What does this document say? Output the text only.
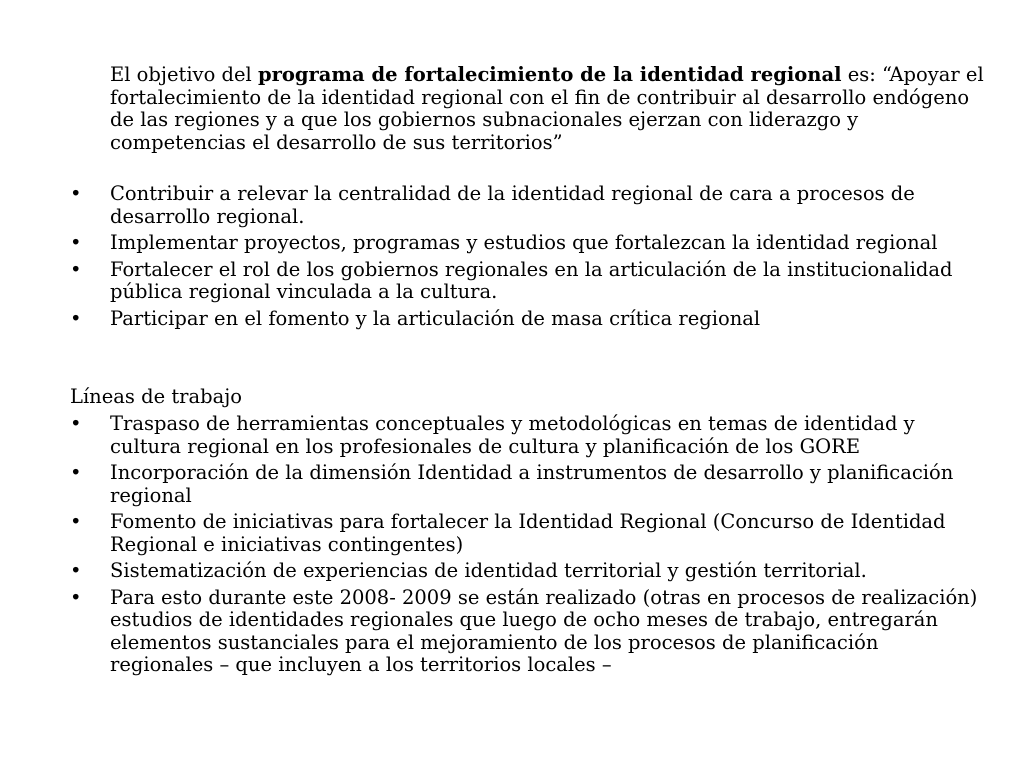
El objetivo del programa de fortalecimiento de la identidad regional es: “Apoyar el fortalecimiento de la identidad regional con el fin de contribuir al desarrollo endógeno de las regiones y a que los gobiernos subnacionales ejerzan con liderazgo y competencias el desarrollo de sus territorios”

•	Contribuir a relevar la centralidad de la identidad regional de cara a procesos de desarrollo regional.
•	Implementar proyectos, programas y estudios que fortalezcan la identidad regional
•	Fortalecer el rol de los gobiernos regionales en la articulación de la institucionalidad pública regional vinculada a la cultura.
•	Participar en el fomento y la articulación de masa crítica regional
Líneas de trabajo
•	Traspaso de herramientas conceptuales y metodológicas en temas de identidad y cultura regional en los profesionales de cultura y planificación de los GORE
•	Incorporación de la dimensión Identidad a instrumentos de desarrollo y planificación regional
•	Fomento de iniciativas para fortalecer la Identidad Regional (Concurso de Identidad Regional e iniciativas contingentes)
•	Sistematización de experiencias de identidad territorial y gestión territorial.
•	Para esto durante este 2008- 2009 se están realizado (otras en procesos de realización) estudios de identidades regionales que luego de ocho meses de trabajo, entregarán elementos sustanciales para el mejoramiento de los procesos de planificación regionales – que incluyen a los territorios locales –
